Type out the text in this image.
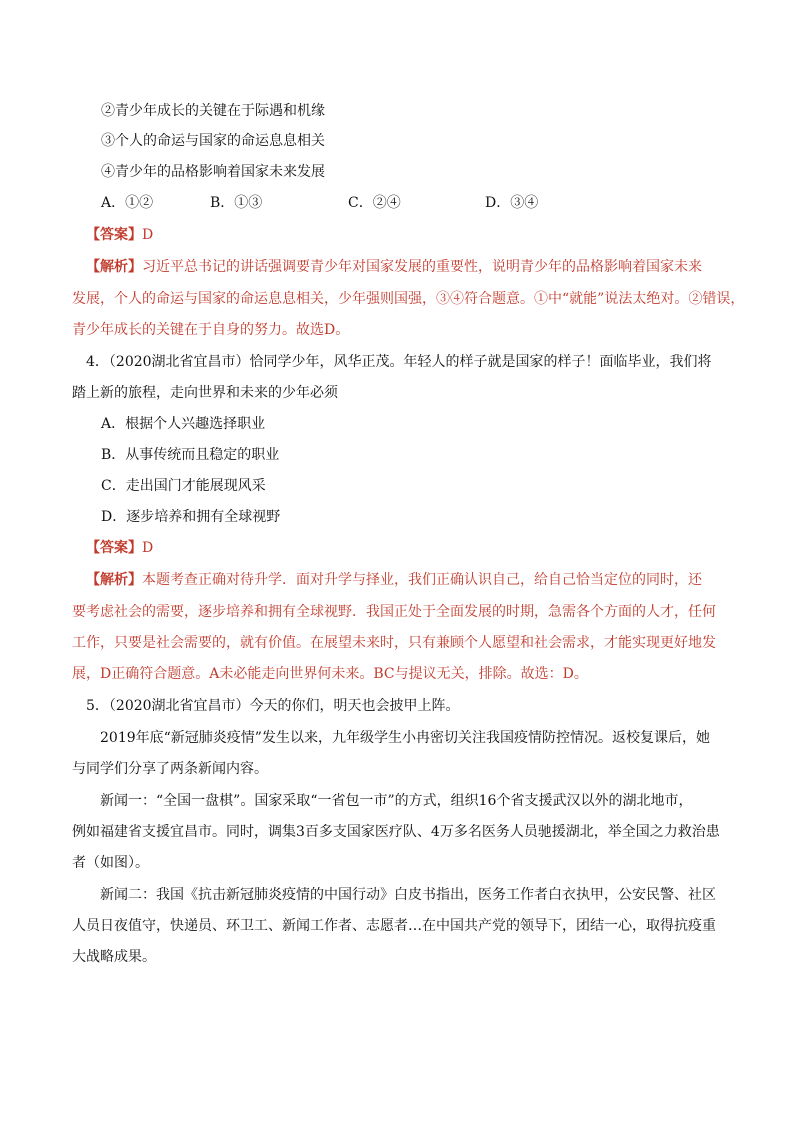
②青少年成长的关键在于际遇和机缘
③个人的命运与国家的命运息息相关
④青少年的品格影响着国家未来发展
A．①②	B．①③	C．②④	D．③④
【答案】D
【解析】习近平总书记的讲话强调要青少年对国家发展的重要性，说明青少年的品格影响着国家未来
发展，个人的命运与国家的命运息息相关，少年强则国强，③④符合题意。①中“就能”说法太绝对。②错误，
青少年成长的关键在于自身的努力。故选D。
4．（2020湖北省宜昌市）恰同学少年，风华正茂。年轻人的样子就是国家的样子！面临毕业，我们将
踏上新的旅程，走向世界和未来的少年必须
A．根据个人兴趣选择职业
B．从事传统而且稳定的职业
C．走出国门才能展现风采
D．逐步培养和拥有全球视野
【答案】D
【解析】本题考查正确对待升学．面对升学与择业，我们正确认识自己，给自己恰当定位的同时，还
要考虑社会的需要，逐步培养和拥有全球视野．我国正处于全面发展的时期，急需各个方面的人才，任何
工作，只要是社会需要的，就有价值。在展望未来时，只有兼顾个人愿望和社会需求，才能实现更好地发
展，D正确符合题意。A未必能走向世界何未来。BC与提议无关，排除。故选：D。
5．（2020湖北省宜昌市）今天的你们，明天也会披甲上阵。
2019年底“新冠肺炎疫情”发生以来，九年级学生小冉密切关注我国疫情防控情况。返校复课后，她
与同学们分享了两条新闻内容。
新闻一：“全国一盘棋”。国家采取“一省包一市”的方式，组织16个省支援武汉以外的湖北地市，
例如福建省支援宜昌市。同时，调集3百多支国家医疗队、4万多名医务人员驰援湖北，举全国之力救治患
者（如图）。
新闻二：我国《抗击新冠肺炎疫情的中国行动》白皮书指出，医务工作者白衣执甲，公安民警、社区
人员日夜值守，快递员、环卫工、新闻工作者、志愿者…在中国共产党的领导下，团结一心，取得抗疫重
大战略成果。
